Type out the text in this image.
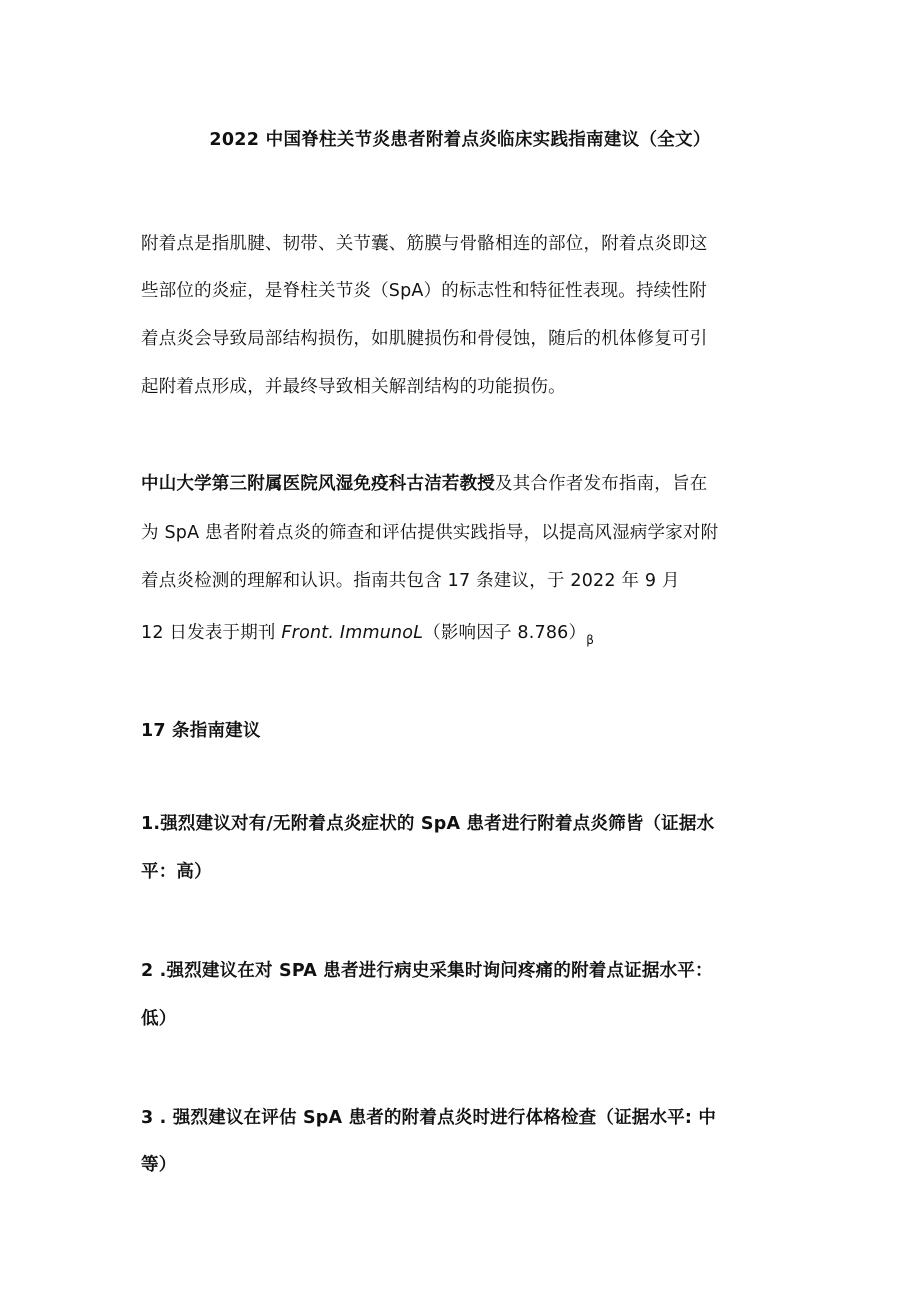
2022 中国脊柱关节炎患者附着点炎临床实践指南建议（全文）
附着点是指肌腱、韧带、关节囊、筋膜与骨骼相连的部位，附着点炎即这
些部位的炎症，是脊柱关节炎（SpA）的标志性和特征性表现。持续性附
着点炎会导致局部结构损伤，如肌腱损伤和骨侵蚀，随后的机体修复可引
起附着点形成，并最终导致相关解剖结构的功能损伤。
中山大学第三附属医院风湿免疫科古洁若教授及其合作者发布指南，旨在
为 SpA 患者附着点炎的筛查和评估提供实践指导，以提高风湿病学家对附
着点炎检测的理解和认识。指南共包含 17 条建议，于 2022 年 9 月
12 日发表于期刊 Front. ImmunoL（影响因子 $8.786)_\beta$
17 条指南建议
1.强烈建议对有/无附着点炎症状的 SpA 患者进行附着点炎筛皆（证据水
平：高）
2 .强烈建议在对 SPA 患者进行病史采集时询问疼痛的附着点证据水平：
低）
3 . 强烈建议在评估 SpA 患者的附着点炎时进行体格检查（证据水平: 中
等）
